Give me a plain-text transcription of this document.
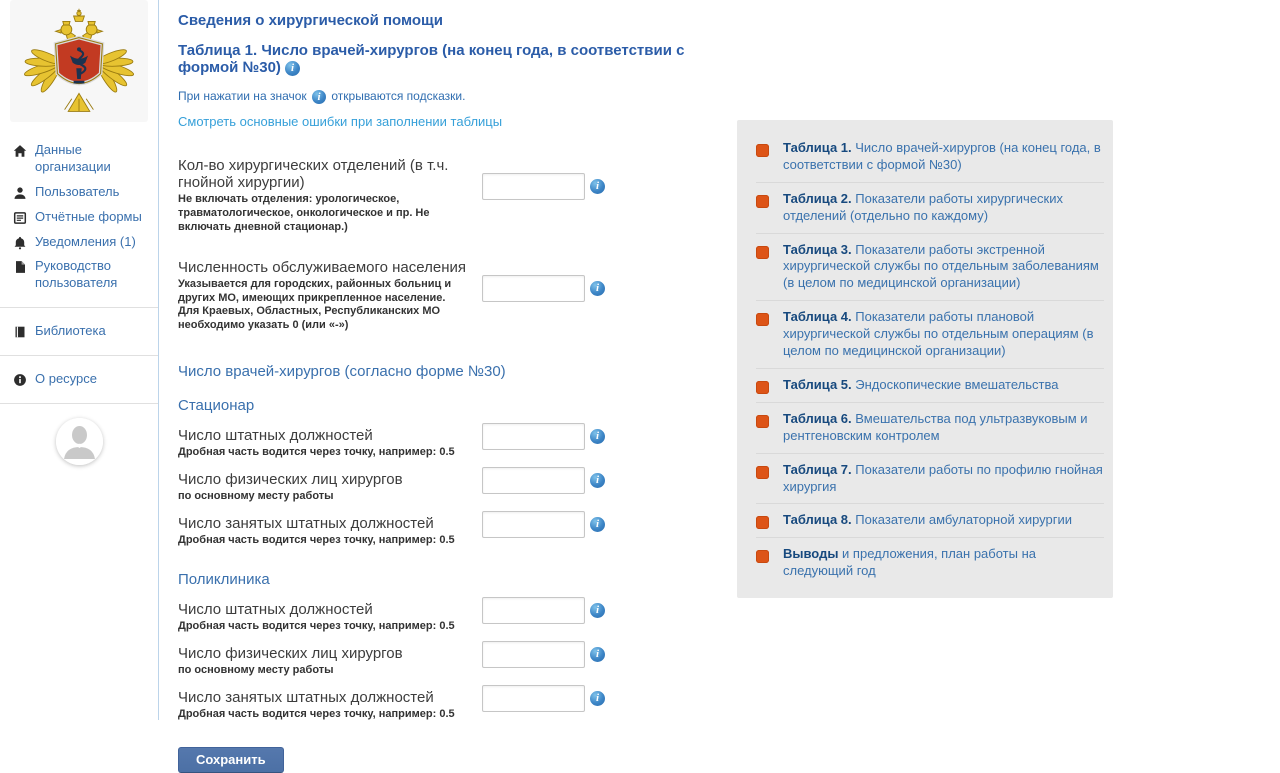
Данные организации
Пользователь
Отчётные формы
Уведомления (1)
Руководство пользователя
Библиотека
О ресурсе
Сведения о хирургической помощи
Таблица 1. Число врачей-хирургов (на конец года, в соответствии с формой №30) i

При нажатии на значок i открываются подсказки.

Смотреть основные ошибки при заполнении таблицы
Кол-во хирургических отделений (в т.ч. гнойной хирургии)
Не включать отделения: урологическое, травматологическое, онкологическое и пр. Не включать дневной стационар.)
i
Численность обслуживаемого населения
Указывается для городских, районных больниц и других МО, имеющих прикрепленное население. Для Краевых, Областных, Республиканских МО необходимо указать 0 (или «-»)
i
Число врачей-хирургов (согласно форме №30)
Стационар
Число штатных должностей
Дробная часть водится через точку, например: 0.5
i
Число физических лиц хирургов
по основному месту работы
i
Число занятых штатных должностей
Дробная часть водится через точку, например: 0.5
i
Поликлиника
Число штатных должностей
Дробная часть водится через точку, например: 0.5
i
Число физических лиц хирургов
по основному месту работы
i
Число занятых штатных должностей
Дробная часть водится через точку, например: 0.5
i
Сохранить
Таблица 1. Число врачей-хирургов (на конец года, в соответствии с формой №30)
Таблица 2. Показатели работы хирургических отделений (отдельно по каждому)
Таблица 3. Показатели работы экстренной хирургической службы по отдельным заболеваниям (в целом по медицинской организации)
Таблица 4. Показатели работы плановой хирургической службы по отдельным операциям (в целом по медицинской организации)
Таблица 5. Эндоскопические вмешательства
Таблица 6. Вмешательства под ультразвуковым и рентгеновским контролем
Таблица 7. Показатели работы по профилю гнойная хирургия
Таблица 8. Показатели амбулаторной хирургии
Выводы и предложения, план работы на следующий год
